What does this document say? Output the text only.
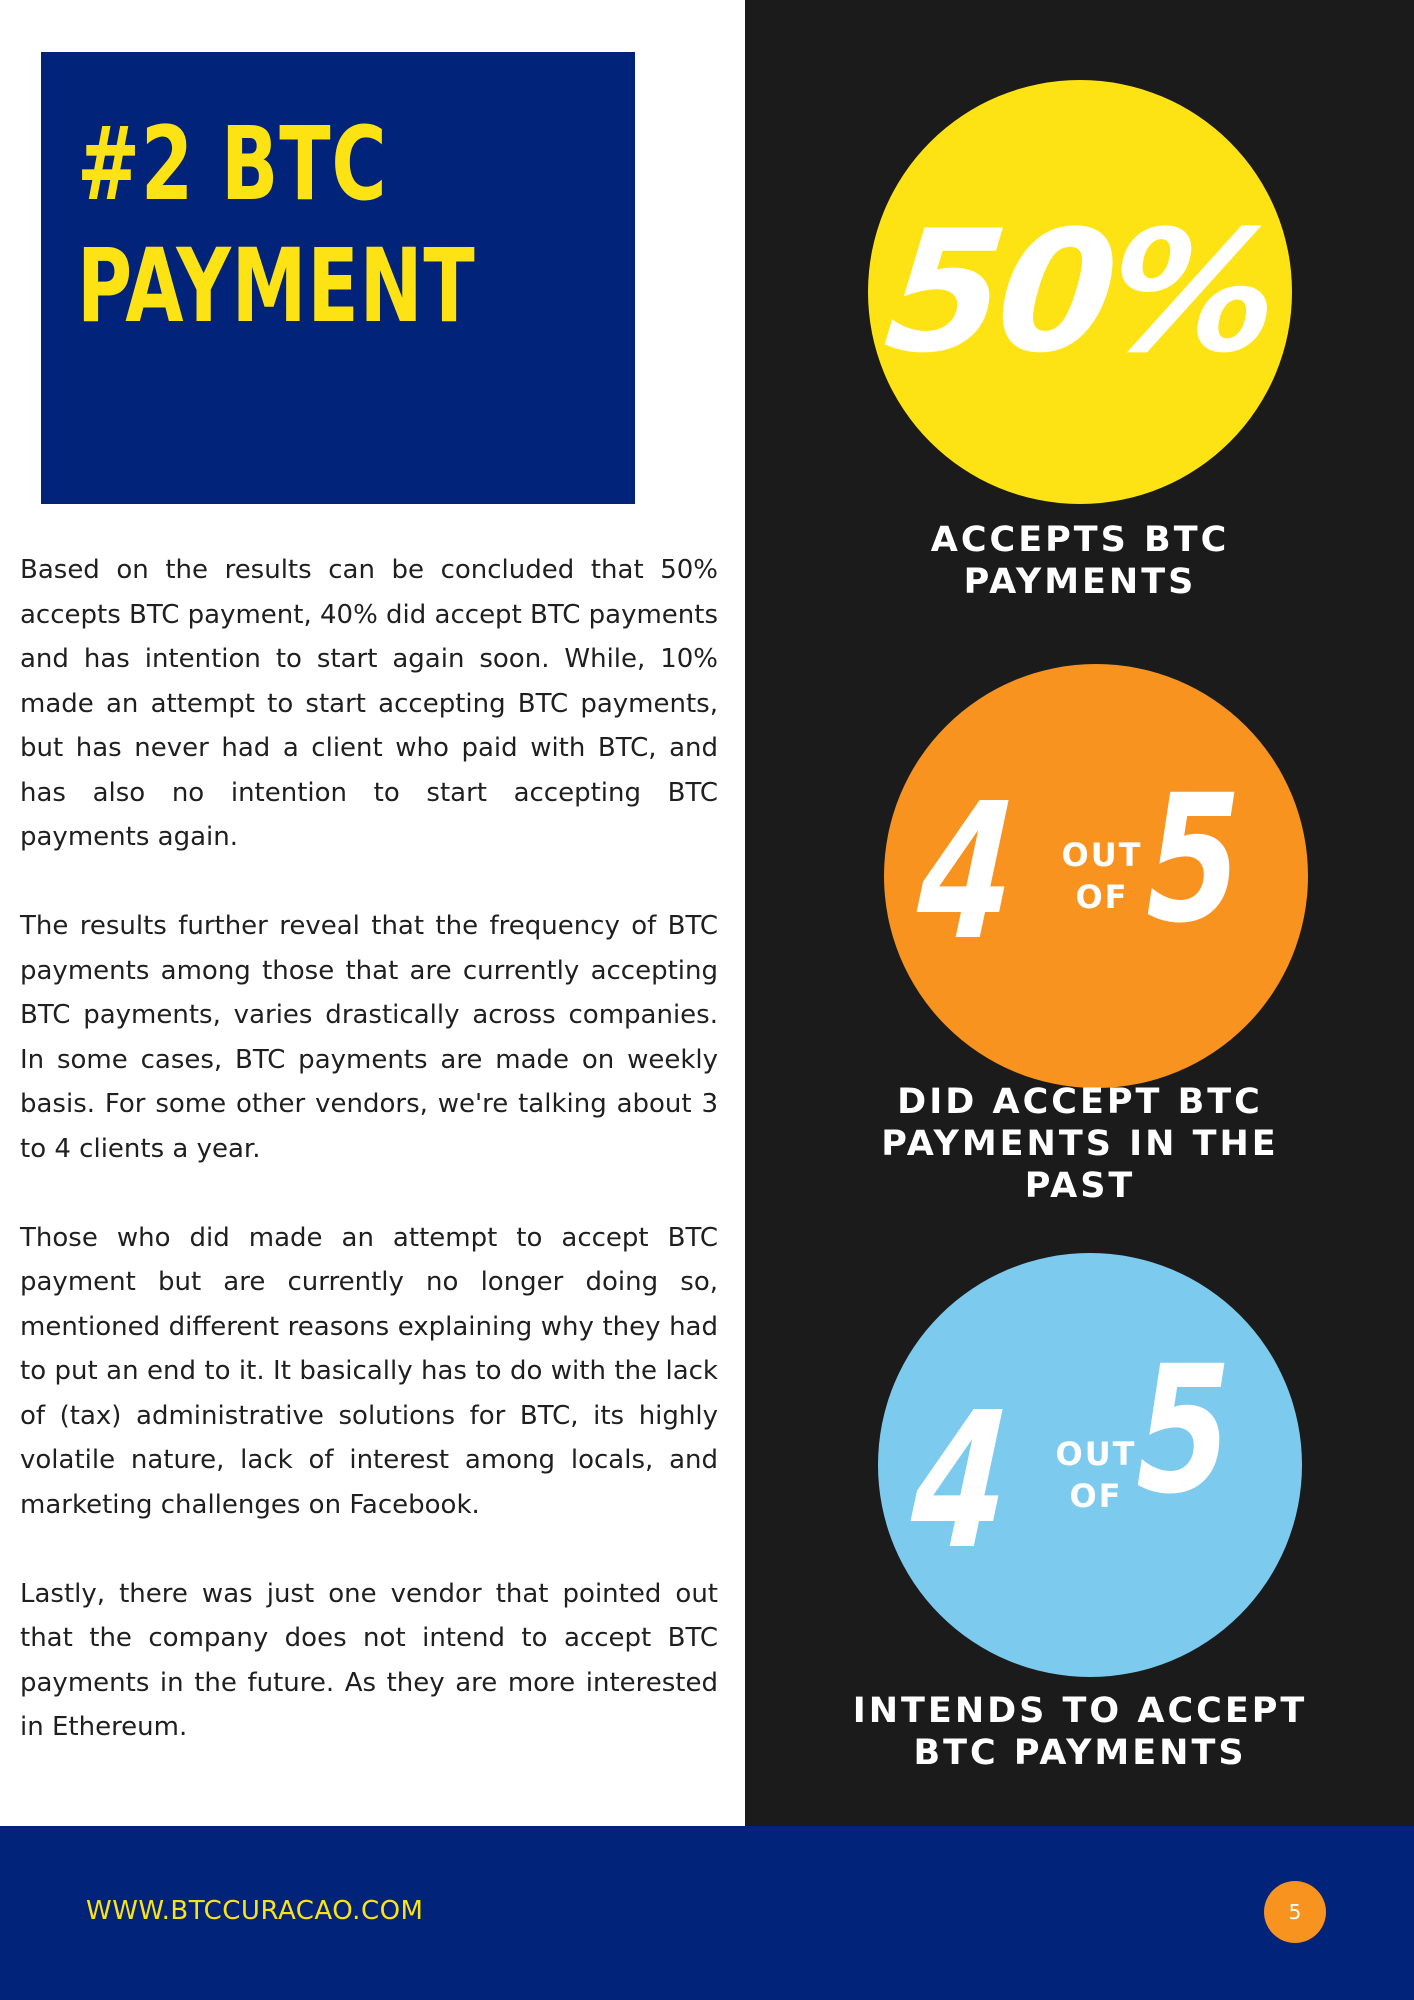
#2 BTC
PAYMENT

Based on the results can be concluded that 50% accepts BTC payment, 40% did accept BTC payments and has intention to start again soon. While, 10% made an attempt to start accepting BTC payments, but has never had a client who paid with BTC, and has also no intention to start accepting BTC payments again.

The results further reveal that the frequency of BTC payments among those that are currently accepting BTC payments, varies drastically across companies. In some cases, BTC payments are made on weekly basis. For some other vendors, we're talking about 3 to 4 clients a year.

Those who did made an attempt to accept BTC payment but are currently no longer doing so, mentioned different reasons explaining why they had to put an end to it. It basically has to do with the lack of (tax) administrative solutions for BTC, its highly volatile nature, lack of interest among locals, and marketing challenges on Facebook.

Lastly, there was just one vendor that pointed out that the company does not intend to accept BTC payments in the future. As they are more interested in Ethereum.

50%
ACCEPTS BTC PAYMENTS
4 OUT
OF 5
DID ACCEPT BTC PAYMENTS IN THE PAST
4 OUT
OF 5
INTENDS TO ACCEPT BTC PAYMENTS
WWW.BTCCURACAO.COM	5
